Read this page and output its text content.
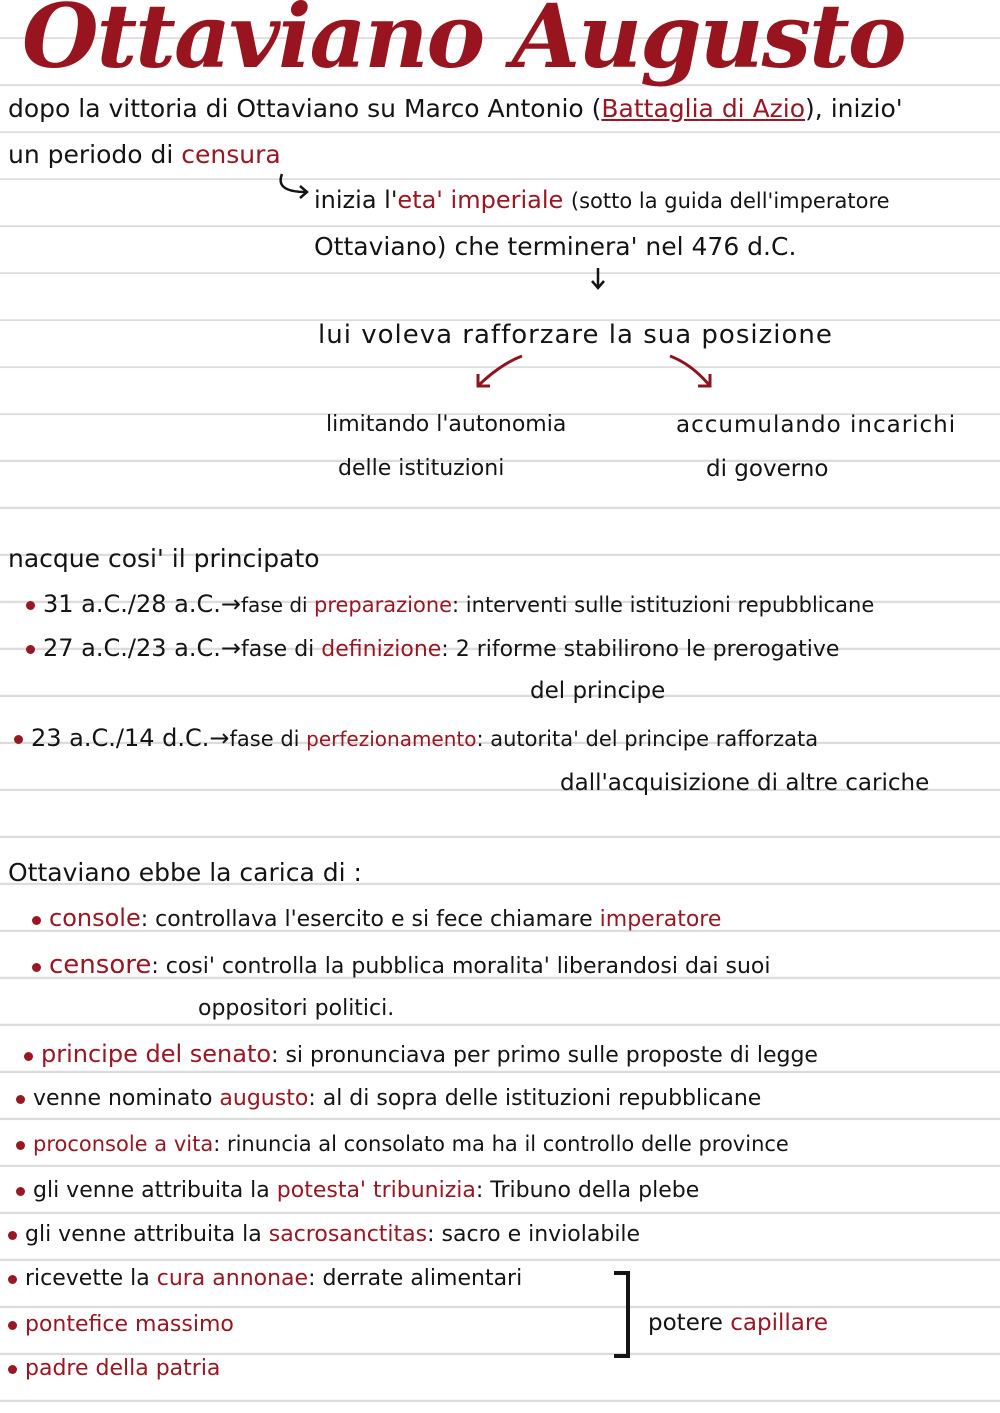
Ottaviano Augusto
dopo la vittoria di Ottaviano su Marco Antonio (Battaglia di Azio), inizio'
un periodo di censura
inizia l'eta' imperiale (sotto la guida dell'imperatore
Ottaviano) che terminera' nel 476 d.C.
lui voleva rafforzare la sua posizione
limitando l'autonomia
delle istituzioni
accumulando incarichi
di governo
nacque cosi' il principato
31 a.C./28 a.C.→fase di preparazione: interventi sulle istituzioni repubblicane
27 a.C./23 a.C.→fase di definizione: 2 riforme stabilirono le prerogative
del principe
23 a.C./14 d.C.→fase di perfezionamento: autorita' del principe rafforzata
dall'acquisizione di altre cariche
Ottaviano ebbe la carica di :
console: controllava l'esercito e si fece chiamare imperatore
censore: cosi' controlla la pubblica moralita' liberandosi dai suoi
oppositori politici.
principe del senato: si pronunciava per primo sulle proposte di legge
venne nominato augusto: al di sopra delle istituzioni repubblicane
proconsole a vita: rinuncia al consolato ma ha il controllo delle province
gli venne attribuita la potesta' tribunizia: Tribuno della plebe
gli venne attribuita la sacrosanctitas: sacro e inviolabile
ricevette la cura annonae: derrate alimentari
pontefice massimo
padre della patria
potere capillare
